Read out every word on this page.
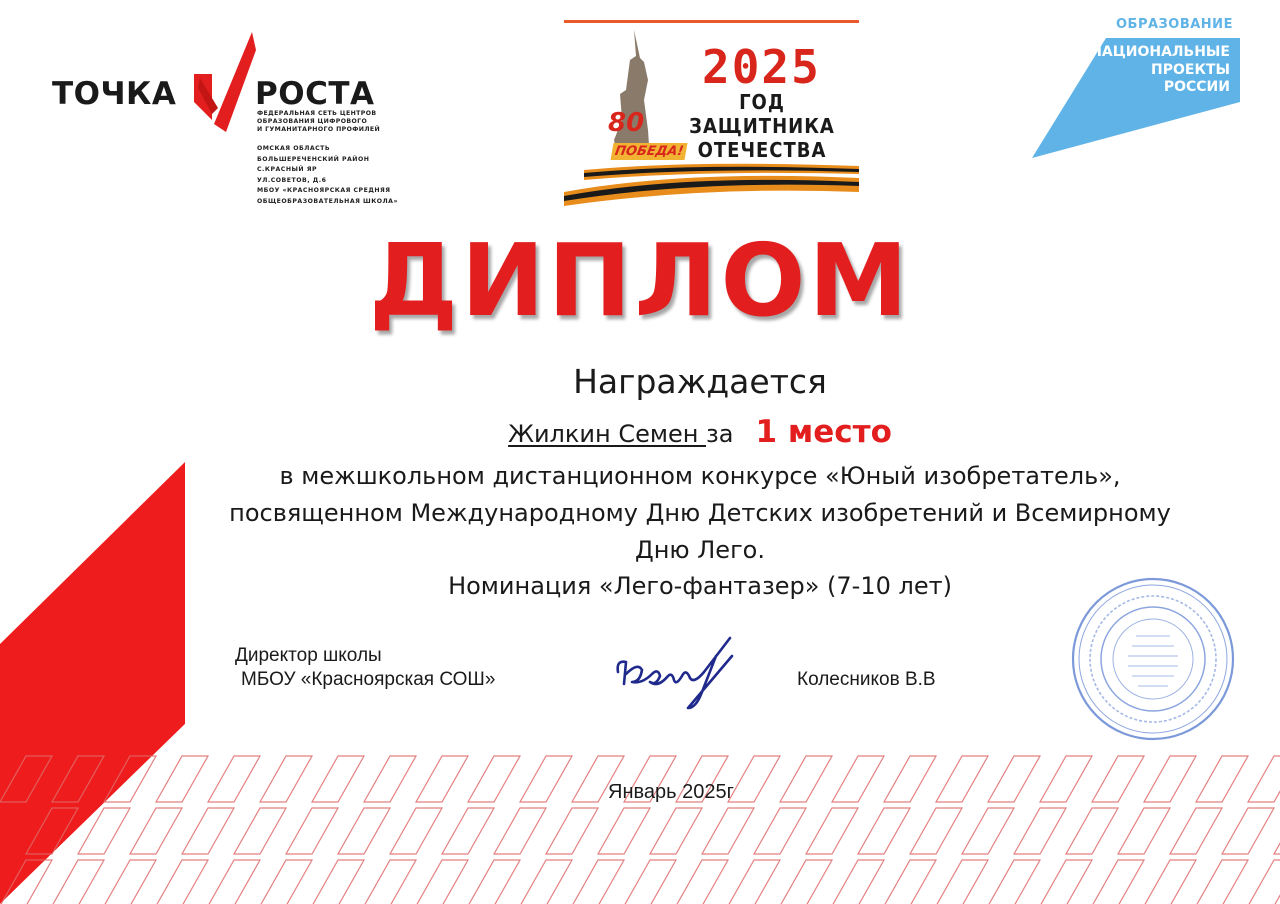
ТОЧКА	РОСТА
ФЕДЕРАЛЬНАЯ СЕТЬ ЦЕНТРОВ
ОБРАЗОВАНИЯ ЦИФРОВОГО
И ГУМАНИТАРНОГО ПРОФИЛЕЙ
ОМСКАЯ ОБЛАСТЬ
БОЛЬШЕРЕЧЕНСКИЙ РАЙОН
С.КРАСНЫЙ ЯР
УЛ.СОВЕТОВ, Д.6
МБОУ «КРАСНОЯРСКАЯ СРЕДНЯЯ
ОБЩЕОБРАЗОВАТЕЛЬНАЯ ШКОЛА»
2025
ГОД
ЗАЩИТНИКА
ОТЕЧЕСТВА
80
ПОБЕДА!
ОБРАЗОВАНИЕ
НАЦИОНАЛЬНЫЕ
ПРОЕКТЫ
РОССИИ
ДИПЛОМ
Награждается
Жилкин Семен за 1 место
в межшкольном дистанционном конкурсе «Юный изобретатель»,
посвященном Международному Дню Детских изобретений и Всемирному
Дню Лего.
Номинация «Лего-фантазер» (7-10 лет)
Директор школы
МБОУ «Красноярская СОШ»	Колесников В.В
Январь 2025г
